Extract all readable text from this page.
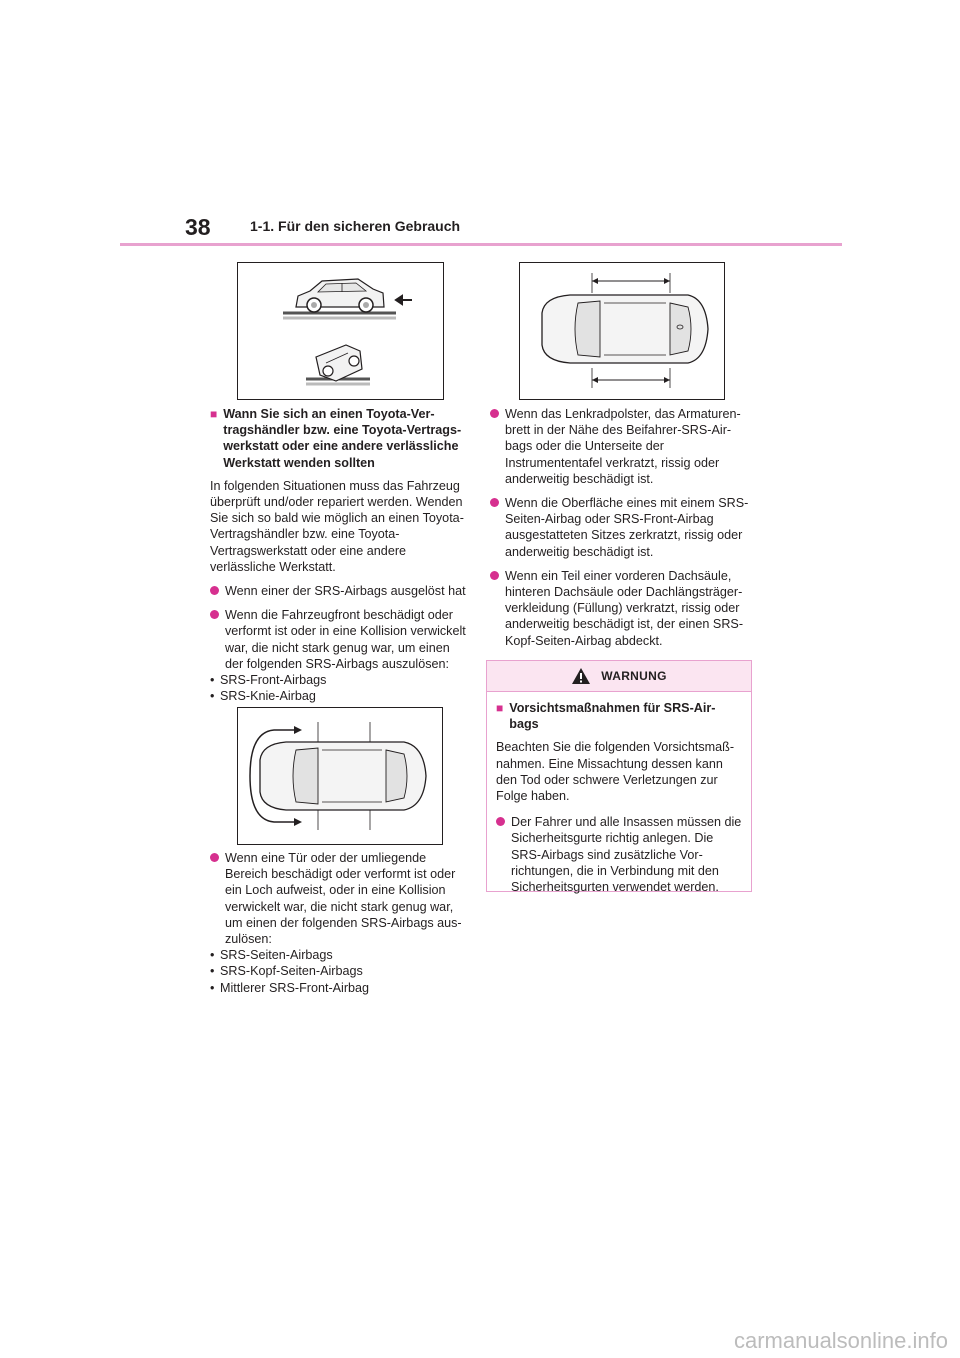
38	1-1. Für den sicheren Gebrauch
■ Wann Sie sich an einen Toyota-Ver-tragshändler bzw. eine Toyota-Vertrags-werkstatt oder eine andere verlässliche Werkstatt wenden sollten

In folgenden Situationen muss das Fahrzeug überprüft und/oder repariert werden. Wenden Sie sich so bald wie möglich an einen Toyota-Vertragshändler bzw. eine Toyota-Vertragswerkstatt oder eine andere verlässliche Werkstatt.

Wenn einer der SRS-Airbags ausgelöst hat
Wenn die Fahrzeugfront beschädigt oder verformt ist oder in eine Kollision verwickelt war, die nicht stark genug war, um einen der folgenden SRS-Airbags auszulösen:
• SRS-Front-Airbags
• SRS-Knie-Airbag
Wenn eine Tür oder der umliegende Bereich beschädigt oder verformt ist oder ein Loch aufweist, oder in eine Kollision verwickelt war, die nicht stark genug war, um einen der folgenden SRS-Airbags aus-zulösen:
• SRS-Seiten-Airbags
• SRS-Kopf-Seiten-Airbags
• Mittlerer SRS-Front-Airbag
Wenn das Lenkradpolster, das Armaturen-brett in der Nähe des Beifahrer-SRS-Air-bags oder die Unterseite der Instrumententafel verkratzt, rissig oder anderweitig beschädigt ist.
Wenn die Oberfläche eines mit einem SRS-Seiten-Airbag oder SRS-Front-Airbag ausgestatteten Sitzes zerkratzt, rissig oder anderweitig beschädigt ist.
Wenn ein Teil einer vorderen Dachsäule, hinteren Dachsäule oder Dachlängsträger-verkleidung (Füllung) verkratzt, rissig oder anderweitig beschädigt ist, der einen SRS-Kopf-Seiten-Airbag abdeckt.
WARNUNG
■ Vorsichtsmaßnahmen für SRS-Air-bags

Beachten Sie die folgenden Vorsichtsmaß-nahmen. Eine Missachtung dessen kann den Tod oder schwere Verletzungen zur Folge haben.

Der Fahrer und alle Insassen müssen die Sicherheitsgurte richtig anlegen. Die SRS-Airbags sind zusätzliche Vor-richtungen, die in Verbindung mit den Sicherheitsgurten verwendet werden.
carmanualsonline.info
